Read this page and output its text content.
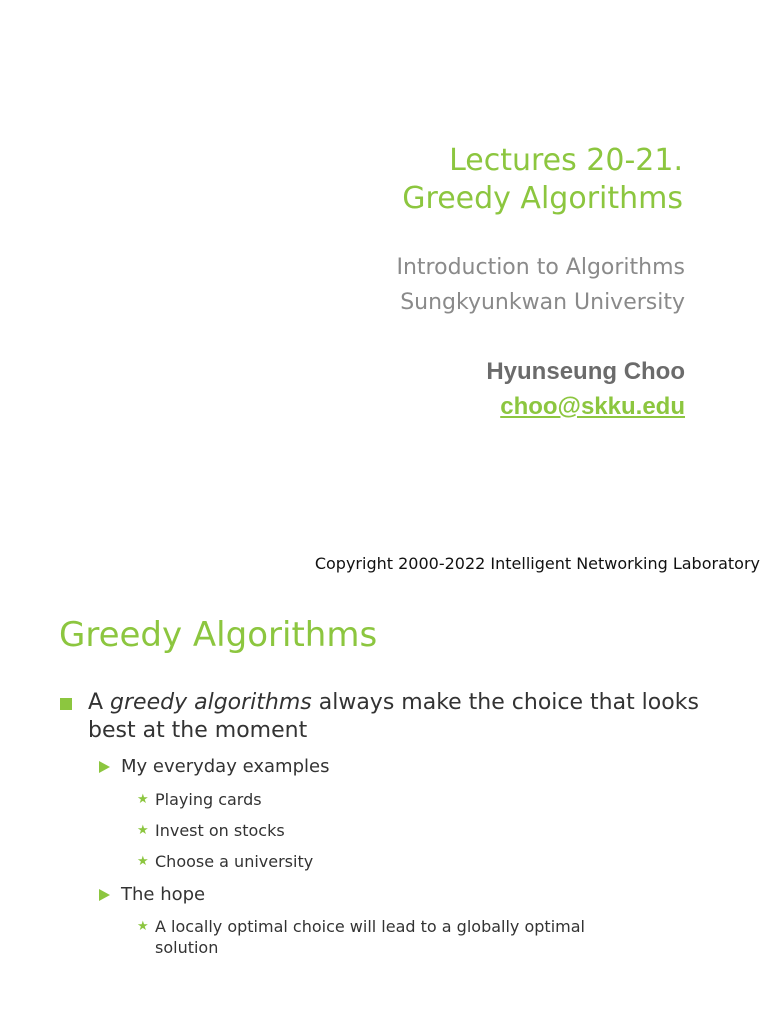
Lectures 20-21.
Greedy Algorithms
Introduction to Algorithms
Sungkyunkwan University
Hyunseung Choo
choo@skku.edu
Copyright 2000-2022 Intelligent Networking Laboratory
Greedy Algorithms
A greedy algorithms always make the choice that looks best at the moment
My everyday examples
★ Playing cards
★ Invest on stocks
★ Choose a university
The hope
★ A locally optimal choice will lead to a globally optimal solution
